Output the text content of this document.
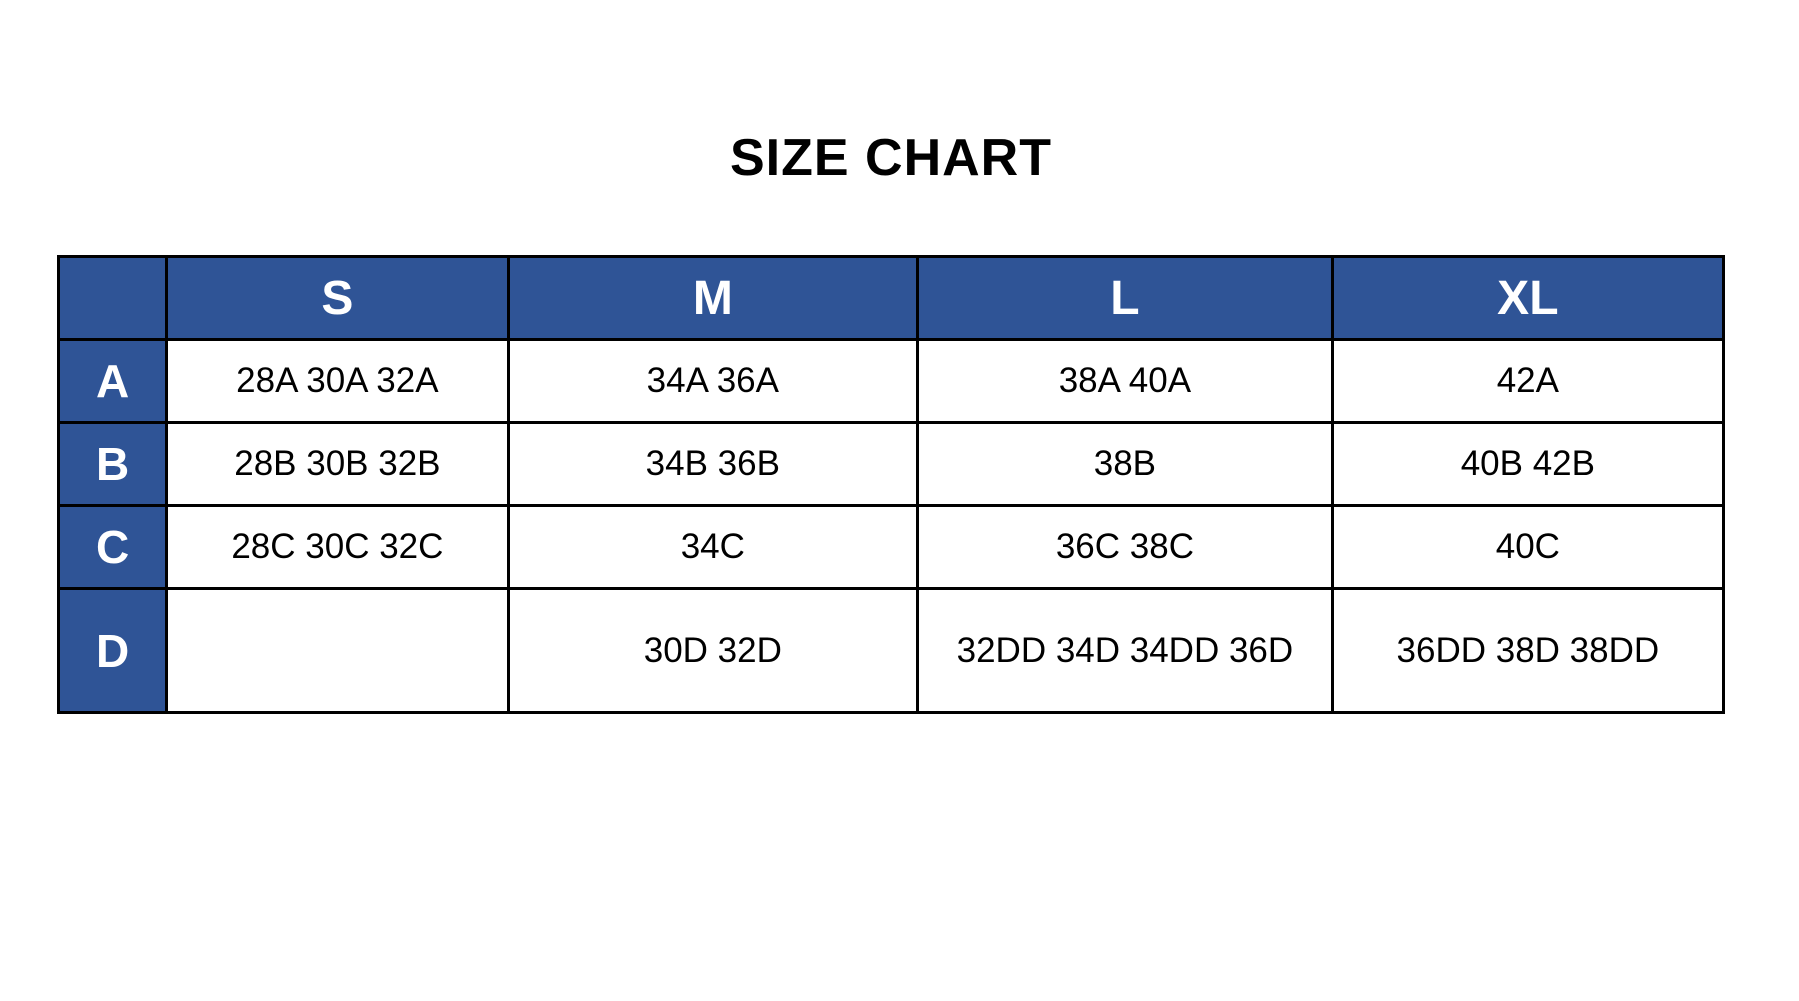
SIZE CHART
	S	M	L	XL
A	28A 30A 32A	34A 36A	38A 40A	42A
B	28B 30B 32B	34B 36B	38B	40B 42B
C	28C 30C 32C	34C	36C 38C	40C
D		30D 32D	32DD 34D 34DD 36D	36DD 38D 38DD
